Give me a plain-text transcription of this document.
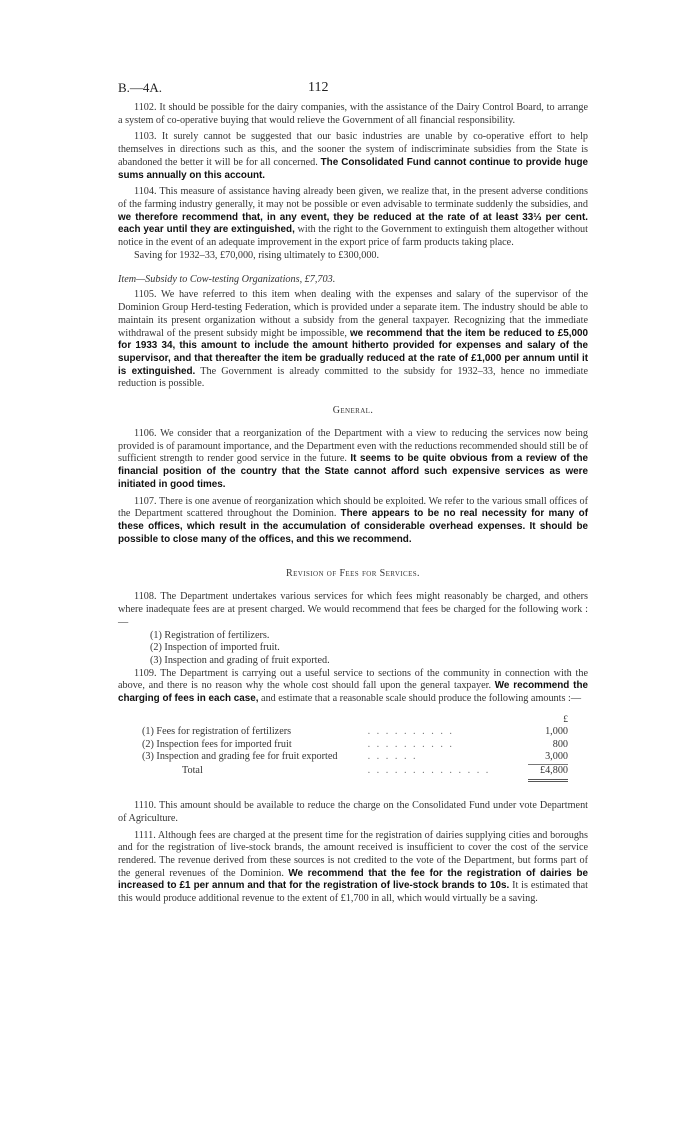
B.—4A.	112

1102. It should be possible for the dairy companies, with the assistance of the Dairy Control Board, to arrange a system of co-operative buying that would relieve the Government of all financial responsibility.

1103. It surely cannot be suggested that our basic industries are unable by co-operative effort to help themselves in directions such as this, and the sooner the system of indiscriminate subsidies from the State is abandoned the better it will be for all concerned. The Consolidated Fund cannot continue to provide huge sums annually on this account.

1104. This measure of assistance having already been given, we realize that, in the present adverse conditions of the farming industry generally, it may not be possible or even advisable to terminate suddenly the subsidies, and we therefore recommend that, in any event, they be reduced at the rate of at least 33⅓ per cent. each year until they are extinguished, with the right to the Government to extinguish them altogether without notice in the event of an adequate improvement in the export price of farm products taking place.

Saving for 1932–33, £70,000, rising ultimately to £300,000.

Item—Subsidy to Cow-testing Organizations, £7,703.

1105. We have referred to this item when dealing with the expenses and salary of the supervisor of the Dominion Group Herd-testing Federation, which is provided under a separate item. The industry should be able to maintain its present organization without a subsidy from the general taxpayer. Recognizing that the immediate withdrawal of the present subsidy might be impossible, we recommend that the item be reduced to £5,000 for 1933 34, this amount to include the amount hitherto provided for expenses and salary of the supervisor, and that thereafter the item be gradually reduced at the rate of £1,000 per annum until it is extinguished. The Government is already committed to the subsidy for 1932–33, hence no immediate reduction is possible.

General.

1106. We consider that a reorganization of the Department with a view to reducing the services now being provided is of paramount importance, and the Department even with the reductions recommended should still be of sufficient strength to render good service in the future. It seems to be quite obvious from a review of the financial position of the country that the State cannot afford such expensive services as were initiated in good times.

1107. There is one avenue of reorganization which should be exploited. We refer to the various small offices of the Department scattered throughout the Dominion. There appears to be no real necessity for many of these offices, which result in the accumulation of considerable overhead expenses. It should be possible to close many of the offices, and this we recommend.

Revision of Fees for Services.

1108. The Department undertakes various services for which fees might reasonably be charged, and others where inadequate fees are at present charged. We would recommend that fees be charged for the following work :—

(1) Registration of fertilizers.
(2) Inspection of imported fruit.
(3) Inspection and grading of fruit exported.

1109. The Department is carrying out a useful service to sections of the community in connection with the above, and there is no reason why the whole cost should fall upon the general taxpayer. We recommend the charging of fees in each case, and estimate that a reasonable scale should produce the following amounts :—

		£
(1) Fees for registration of fertilizers	. . . . . . . . . .	1,000
(2) Inspection fees for imported fruit	. . . . . . . . . .	800
(3) Inspection and grading fee for fruit exported	. . . . . .	3,000

Total	. . . . . . . . . . . . . .	£4,800

1110. This amount should be available to reduce the charge on the Consolidated Fund under vote Department of Agriculture.

1111. Although fees are charged at the present time for the registration of dairies supplying cities and boroughs and for the registration of live-stock brands, the amount received is insufficient to cover the cost of the service rendered. The revenue derived from these sources is not credited to the vote of the Department, but forms part of the general revenues of the Dominion. We recommend that the fee for the registration of dairies be increased to £1 per annum and that for the registration of live-stock brands to 10s. It is estimated that this would produce additional revenue to the extent of £1,700 in all, which would virtually be a saving.
